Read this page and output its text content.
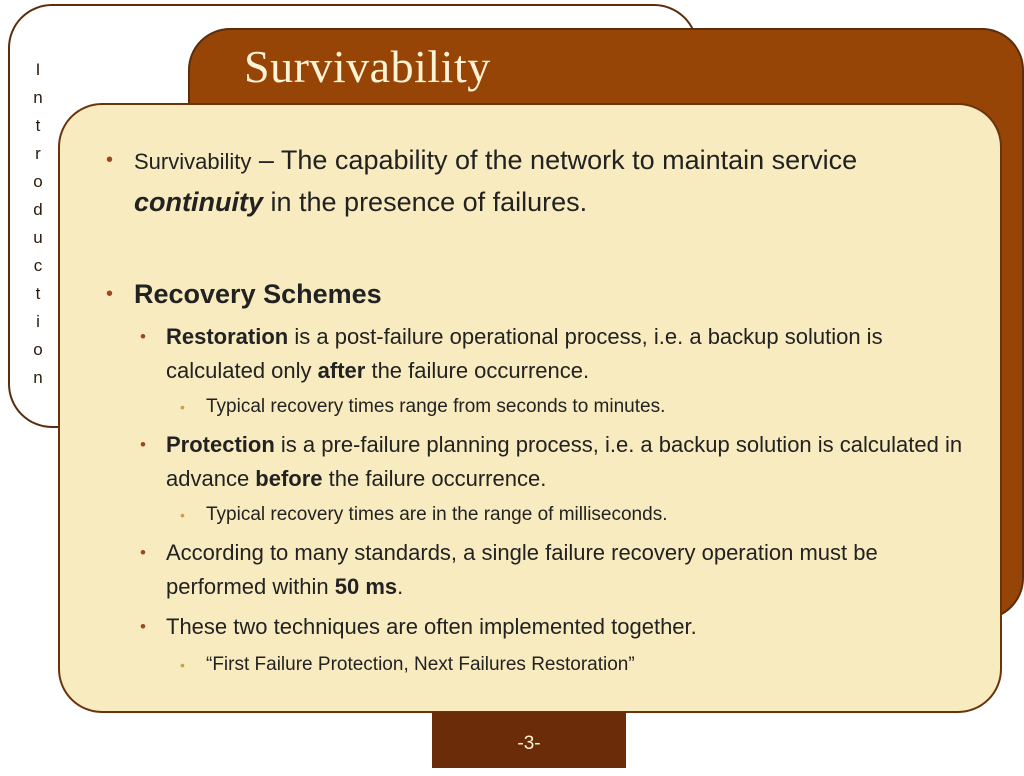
I
n
t
r
o
d
u
c
t
i
o
n
Survivability
• Survivability – The capability of the network to maintain service continuity in the presence of failures.
• Recovery Schemes
• Restoration is a post-failure operational process, i.e. a backup solution is calculated only after the failure occurrence.
•	Typical recovery times range from seconds to minutes.
• Protection is a pre-failure planning process, i.e. a backup solution is calculated in advance before the failure occurrence.
•	Typical recovery times are in the range of milliseconds.
• According to many standards, a single failure recovery operation must be performed within 50 ms.
• These two techniques are often implemented together.
•	“First Failure Protection, Next Failures Restoration”
-3-
